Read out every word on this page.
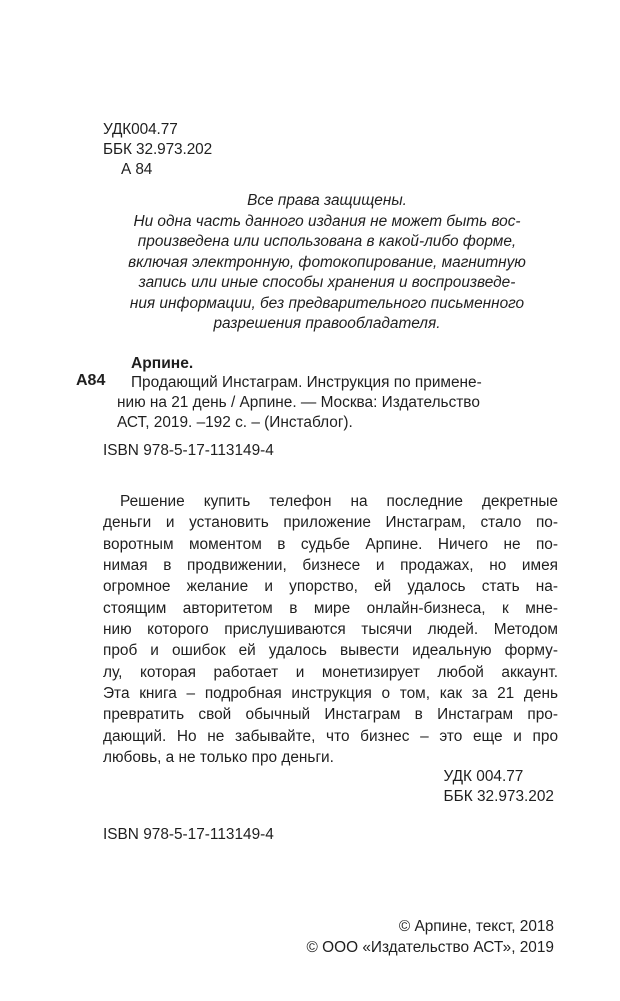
УДК004.77
ББК 32.973.202
А 84
Все права защищены.
Ни одна часть данного издания не может быть вос-
произведена или использована в какой-либо форме,
включая электронную, фотокопирование, магнитную
запись или иные способы хранения и воспроизведе-
ния информации, без предварительного письменного
разрешения правообладателя.
А84
Арпине.
Продающий Инстаграм. Инструкция по примене-
нию на 21 день / Арпине. — Москва: Издательство
АСТ, 2019. –192 с. – (Инстаблог).
ISBN 978-5-17-113149-4
Решение купить телефон на последние декретные
деньги и установить приложение Инстаграм, стало по-
воротным моментом в судьбе Арпине. Ничего не по-
нимая в продвижении, бизнесе и продажах, но имея
огромное желание и упорство, ей удалось стать на-
стоящим авторитетом в мире онлайн-бизнеса, к мне-
нию которого прислушиваются тысячи людей. Методом
проб и ошибок ей удалось вывести идеальную форму-
лу, которая работает и монетизирует любой аккаунт.
Эта книга – подробная инструкция о том, как за 21 день
превратить свой обычный Инстаграм в Инстаграм про-
дающий. Но не забывайте, что бизнес – это еще и про
любовь, а не только про деньги.
УДК 004.77
ББК 32.973.202
ISBN 978-5-17-113149-4
© Арпине, текст, 2018
© ООО «Издательство АСТ», 2019
